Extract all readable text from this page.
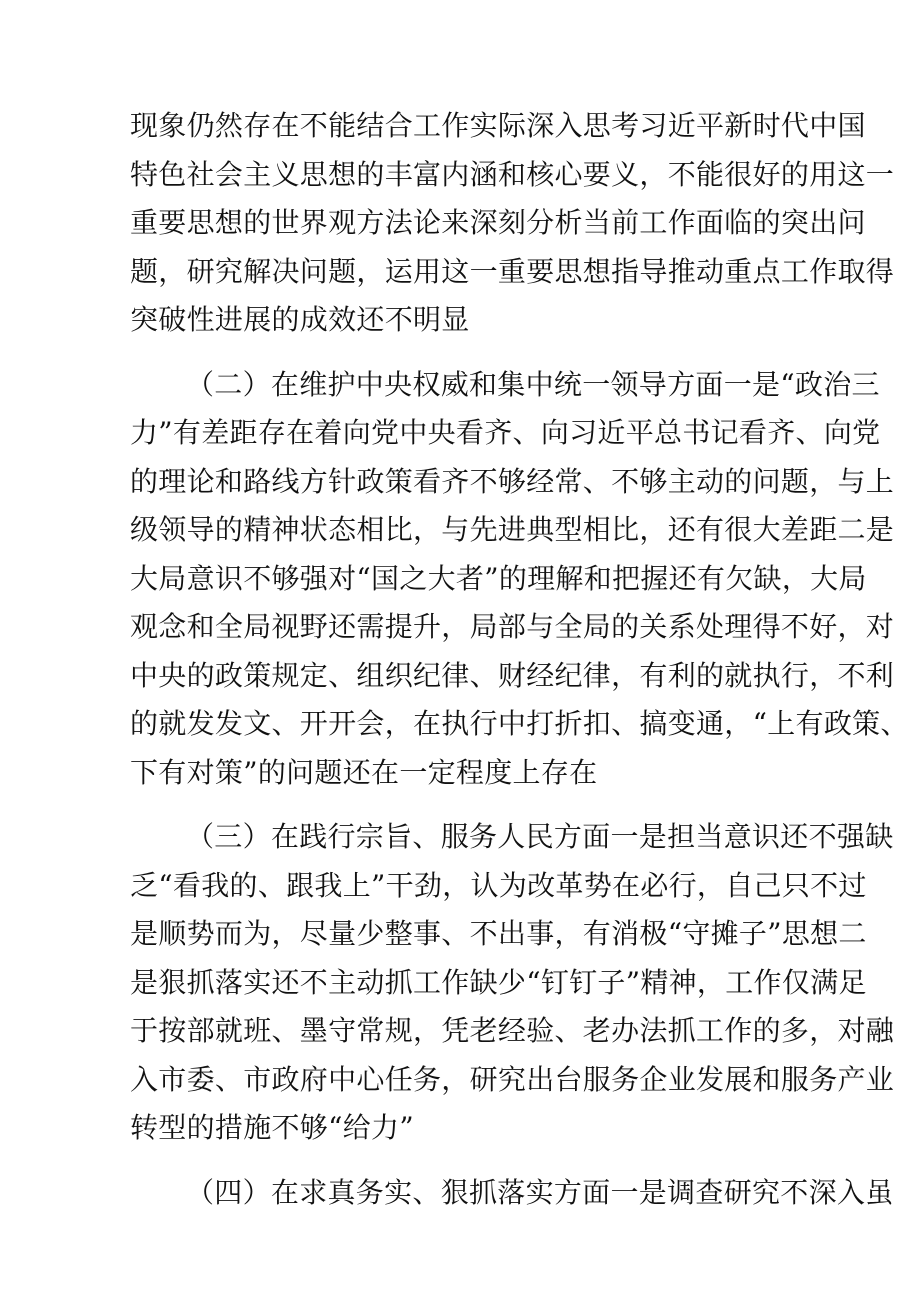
现象仍然存在不能结合工作实际深入思考习近平新时代中国
特色社会主义思想的丰富内涵和核心要义，不能很好的用这一
重要思想的世界观方法论来深刻分析当前工作面临的突出问
题，研究解决问题，运用这一重要思想指导推动重点工作取得
突破性进展的成效还不明显
（二）在维护中央权威和集中统一领导方面一是“政治三
力”有差距存在着向党中央看齐、向习近平总书记看齐、向党
的理论和路线方针政策看齐不够经常、不够主动的问题，与上
级领导的精神状态相比，与先进典型相比，还有很大差距二是
大局意识不够强对“国之大者”的理解和把握还有欠缺，大局
观念和全局视野还需提升，局部与全局的关系处理得不好，对
中央的政策规定、组织纪律、财经纪律，有利的就执行，不利
的就发发文、开开会，在执行中打折扣、搞变通，“上有政策、
下有对策”的问题还在一定程度上存在
（三）在践行宗旨、服务人民方面一是担当意识还不强缺
乏“看我的、跟我上”干劲，认为改革势在必行，自己只不过
是顺势而为，尽量少整事、不出事，有消极“守摊子”思想二
是狠抓落实还不主动抓工作缺少“钉钉子”精神，工作仅满足
于按部就班、墨守常规，凭老经验、老办法抓工作的多，对融
入市委、市政府中心任务，研究出台服务企业发展和服务产业
转型的措施不够“给力”
（四）在求真务实、狠抓落实方面一是调查研究不深入虽
